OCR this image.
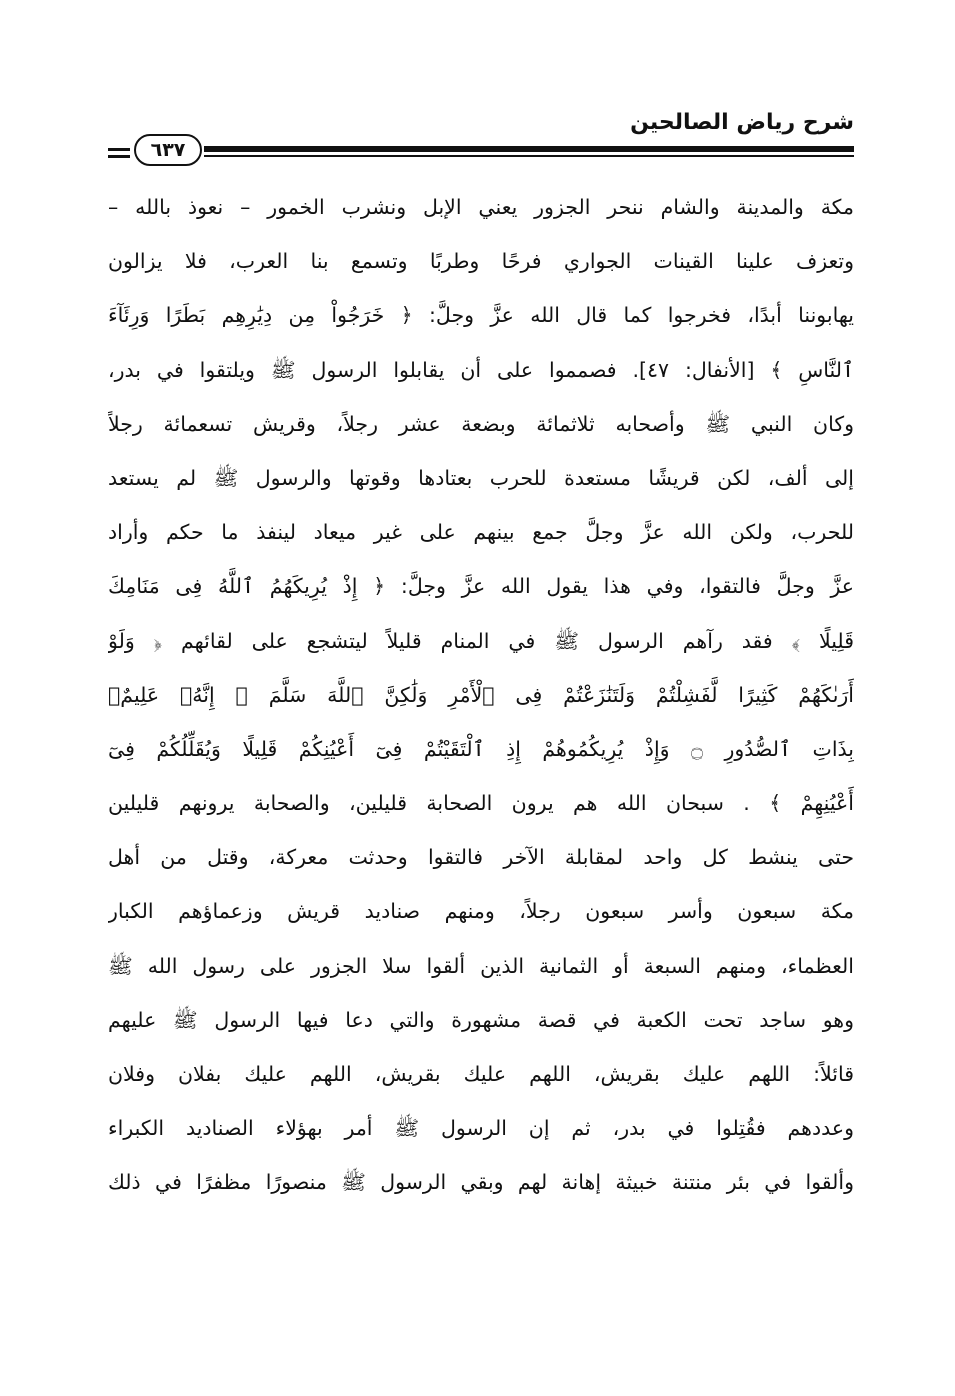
شرح رياض الصالحين
٦٣٧
مكة والمدينة والشام ننحر الجزور يعني الإبل ونشرب الخمور – نعوذ بالله –
وتعزف علينا القينات الجواري فرحًا وطربًا وتسمع بنا العرب، فلا يزالون
يهابوننا أبدًا، فخرجوا كما قال الله عزَّ وجلَّ: ﴿ خَرَجُواْ مِن دِيَٰرِهِم بَطَرًا وَرِئَآءَ
ٱلنَّاسِ ﴾ [الأنفال: ٤٧]. فصمموا على أن يقابلوا الرسول ﷺ ويلتقوا في بدر،
وكان النبي ﷺ وأصحابه ثلاثمائة وبضعة عشر رجلاً، وقريش تسعمائة رجلاً
إلى ألف، لكن قريشًا مستعدة للحرب بعتادها وقوتها والرسول ﷺ لم يستعد
للحرب، ولكن الله عزَّ وجلَّ جمع بينهم على غير ميعاد لينفذ ما حكم وأراد
عزَّ وجلَّ فالتقوا، وفي هذا يقول الله عزَّ وجلَّ: ﴿ إِذْ يُرِيكَهُمُ ٱللَّهُ فِى مَنَامِكَ
قَلِيلًا ﴾ فقد رآهم الرسول ﷺ في المنام قليلاً ليتشجع على لقائهم ﴿ وَلَوْ
أَرَىٰكَهُمْ كَثِيرًا لَّفَشِلْتُمْ وَلَتَنَٰزَعْتُمْ فِى ٱلْأَمْرِ وَلَٰكِنَّ ٱللَّهَ سَلَّمَ ۗ إِنَّهُۥ عَلِيمٌۢ
بِذَاتِ ٱلصُّدُورِ ۝ وَإِذْ يُرِيكُمُوهُمْ إِذِ ٱلْتَقَيْتُمْ فِىٓ أَعْيُنِكُمْ قَلِيلًا وَيُقَلِّلُكُمْ فِىٓ
أَعْيُنِهِمْ ﴾ . سبحان الله هم يرون الصحابة قليلين، والصحابة يرونهم قليلين
حتى ينشط كل واحد لمقابلة الآخر فالتقوا وحدثت معركة، وقتل من أهل
مكة سبعون وأسر سبعون رجلاً، ومنهم صناديد قريش وزعماؤهم الكبار
العظماء، ومنهم السبعة أو الثمانية الذين ألقوا سلا الجزور على رسول الله ﷺ
وهو ساجد تحت الكعبة في قصة مشهورة والتي دعا فيها الرسول ﷺ عليهم
قائلاً: اللهم عليك بقريش، اللهم عليك بقريش، اللهم عليك بفلان وفلان
وعددهم فقُتِلوا في بدر، ثم إن الرسول ﷺ أمر بهؤلاء الصناديد الكبراء
وألقوا في بئر منتنة خبيثة إهانة لهم وبقي الرسول ﷺ منصورًا مظفرًا في ذلك
